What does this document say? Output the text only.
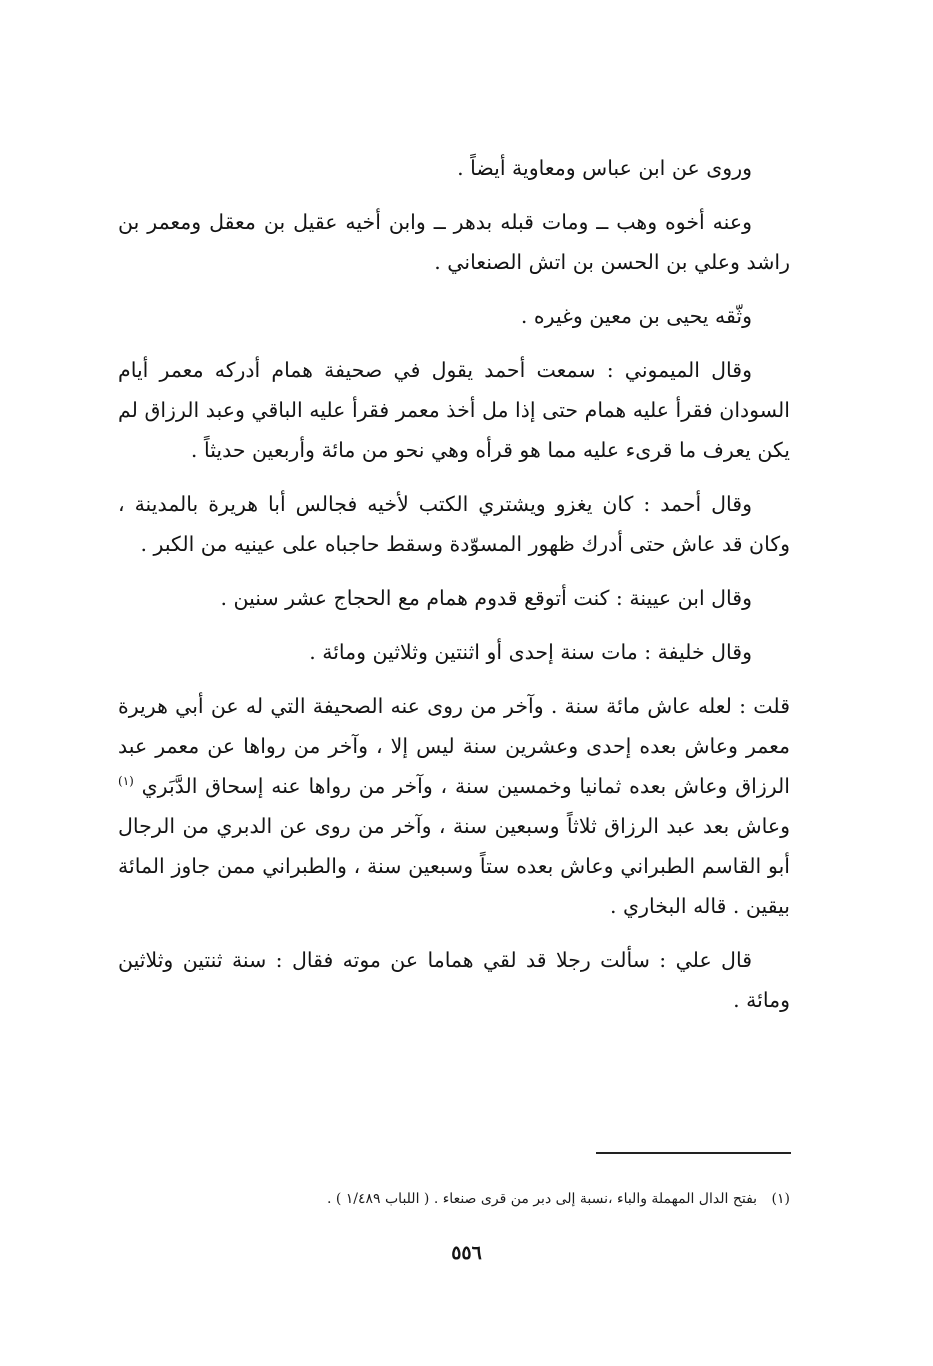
وروى عن ابن عباس ومعاوية أيضاً .

وعنه أخوه وهب ــ ومات قبله بدهر ــ وابن أخيه عقيل بن معقل ومعمر بن راشد وعلي بن الحسن بن اتش الصنعاني .

وثّقه يحيى بن معين وغيره .

وقال الميموني : سمعت أحمد يقول في صحيفة همام أدركه معمر أيام السودان فقرأ عليه همام حتى إذا مل أخذ معمر فقرأ عليه الباقي وعبد الرزاق لم يكن يعرف ما قرىء عليه مما هو قرأه وهي نحو من مائة وأربعين حديثاً .

وقال أحمد : كان يغزو ويشتري الكتب لأخيه فجالس أبا هريرة بالمدينة ، وكان قد عاش حتى أدرك ظهور المسوّدة وسقط حاجباه على عينيه من الكبر .

وقال ابن عيينة : كنت أتوقع قدوم همام مع الحجاج عشر سنين .

وقال خليفة : مات سنة إحدى أو اثنتين وثلاثين ومائة .

قلت : لعله عاش مائة سنة . وآخر من روى عنه الصحيفة التي له عن أبي هريرة معمر وعاش بعده إحدى وعشرين سنة ليس إلا ، وآخر من رواها عن معمر عبد الرزاق وعاش بعده ثمانيا وخمسين سنة ، وآخر من رواها عنه إسحاق الدَّبَري $^{(١)}$ وعاش بعد عبد الرزاق ثلاثاً وسبعين سنة ، وآخر من روى عن الدبري من الرجال أبو القاسم الطبراني وعاش بعده ستاً وسبعين سنة ، والطبراني ممن جاوز المائة بيقين . قاله البخاري .

قال علي : سألت رجلا قد لقي هماما عن موته فقال : سنة ثنتين وثلاثين ومائة .

(١) بفتح الدال المهملة والباء ،نسبة إلى دبر من قرى صنعاء . ( اللباب ١/٤٨٩ ) .
٥٥٦
